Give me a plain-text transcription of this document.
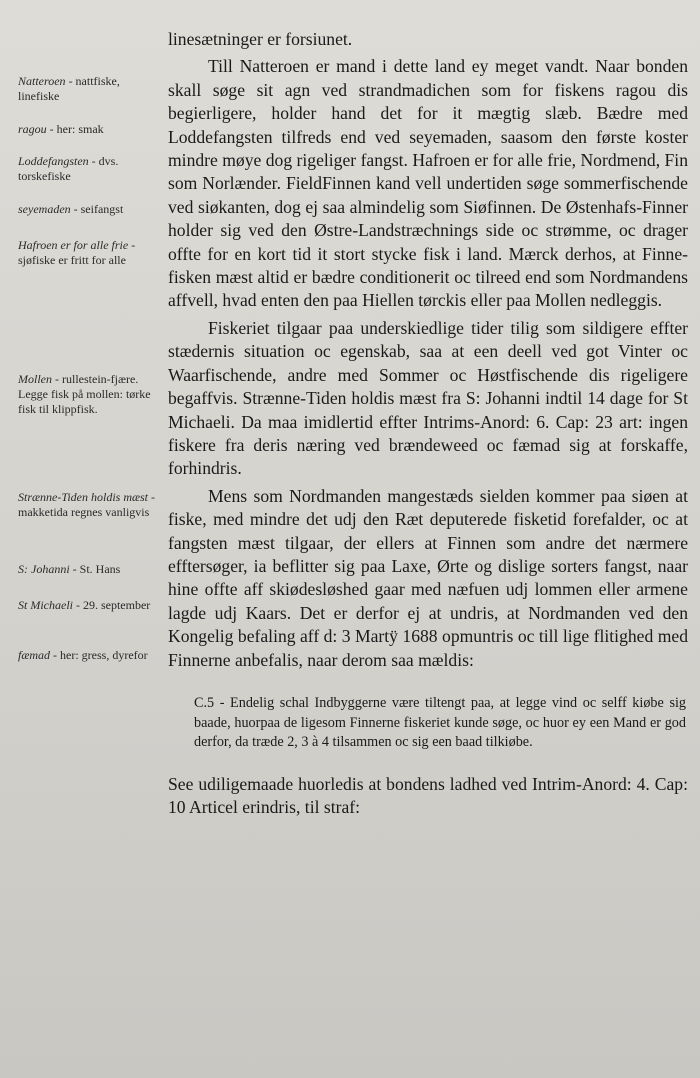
Natteroen - nattfiske, linefiske
ragou - her: smak
Loddefangsten - dvs. torskefiske
seyemaden - seifangst
Hafroen er for alle frie - sjøfiske er fritt for alle
Mollen - rullestein-fjære. Legge fisk på mollen: tørke fisk til klippfisk.
Strænne-Tiden holdis mæst - makketida regnes vanligvis
S: Johanni - St. Hans
St Michaeli - 29. september
fæmad - her: gress, dyrefor

linesætninger er forsiunet.

Till Natteroen er mand i dette land ey meget vandt. Naar bonden skall søge sit agn ved strandmadichen som for fiskens ragou dis begierligere, holder hand det for it mægtig slæb. Bædre med Loddefangsten tilfreds end ved seyemaden, saasom den første koster mindre møye dog rigeliger fangst. Hafroen er for alle frie, Nordmend, Fin som Norlænder. FieldFinnen kand vell undertiden søge sommerfischende ved siøkanten, dog ej saa almindelig som Siøfinnen. De Østenhafs-Finner holder sig ved den Østre-Landstræchnings side oc strømme, oc drager offte for en kort tid it stort stycke fisk i land. Mærck derhos, at Finne-fisken mæst altid er bædre conditionerit oc tilreed end som Nordmandens affvell, hvad enten den paa Hiellen tørckis eller paa Mollen nedleggis.

Fiskeriet tilgaar paa underskiedlige tider tilig som sildigere effter stædernis situation oc egenskab, saa at een deell ved got Vinter oc Waarfischende, andre med Sommer oc Høstfischende dis rigeligere begaffvis. Strænne-Tiden holdis mæst fra S: Johanni indtil 14 dage for St Michaeli. Da maa imidlertid effter Intrims-Anord: 6. Cap: 23 art: ingen fiskere fra deris næring ved brændeweed oc fæmad sig at forskaffe, forhindris.

Mens som Nordmanden mangestæds sielden kommer paa siøen at fiske, med mindre det udj den Ræt deputerede fisketid forefalder, oc at fangsten mæst tilgaar, der ellers at Finnen som andre det nærmere efftersøger, ia beflitter sig paa Laxe, Ørte og dislige sorters fangst, naar hine offte aff skiødesløshed gaar med næfuen udj lommen eller armene lagde udj Kaars. Det er derfor ej at undris, at Nordmanden ved den Kongelig befaling aff d: 3 Martÿ 1688 opmuntris oc till lige flitighed med Finnerne anbefalis, naar derom saa mældis:

C.5 - Endelig schal Indbyggerne være tiltengt paa, at legge vind oc selff kiøbe sig baade, huorpaa de ligesom Finnerne fiskeriet kunde søge, oc huor ey een Mand er god derfor, da træde 2, 3 à 4 tilsammen oc sig een baad tilkiøbe.

See udiligemaade huorledis at bondens ladhed ved Intrim-Anord: 4. Cap: 10 Articel erindris, til straf:
